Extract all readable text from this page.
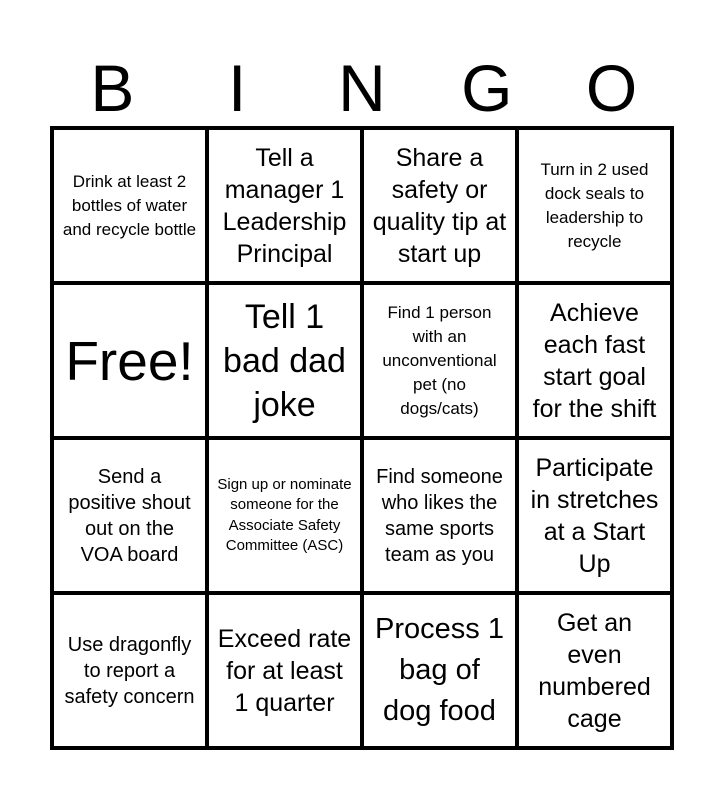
B	I	N	G	O
Drink at least 2 bottles of water and recycle bottle
Tell a manager 1 Leadership Principal
Share a safety or quality tip at start up
Turn in 2 used dock seals to leadership to recycle
Free!
Tell 1 bad dad joke
Find 1 person with an unconventional pet (no dogs/cats)
Achieve each fast start goal for the shift
Send a positive shout out on the VOA board
Sign up or nominate someone for the Associate Safety Committee (ASC)
Find someone who likes the same sports team as you
Participate in stretches at a Start Up
Use dragonfly to report a safety concern
Exceed rate for at least 1 quarter
Process 1 bag of dog food
Get an even numbered cage
